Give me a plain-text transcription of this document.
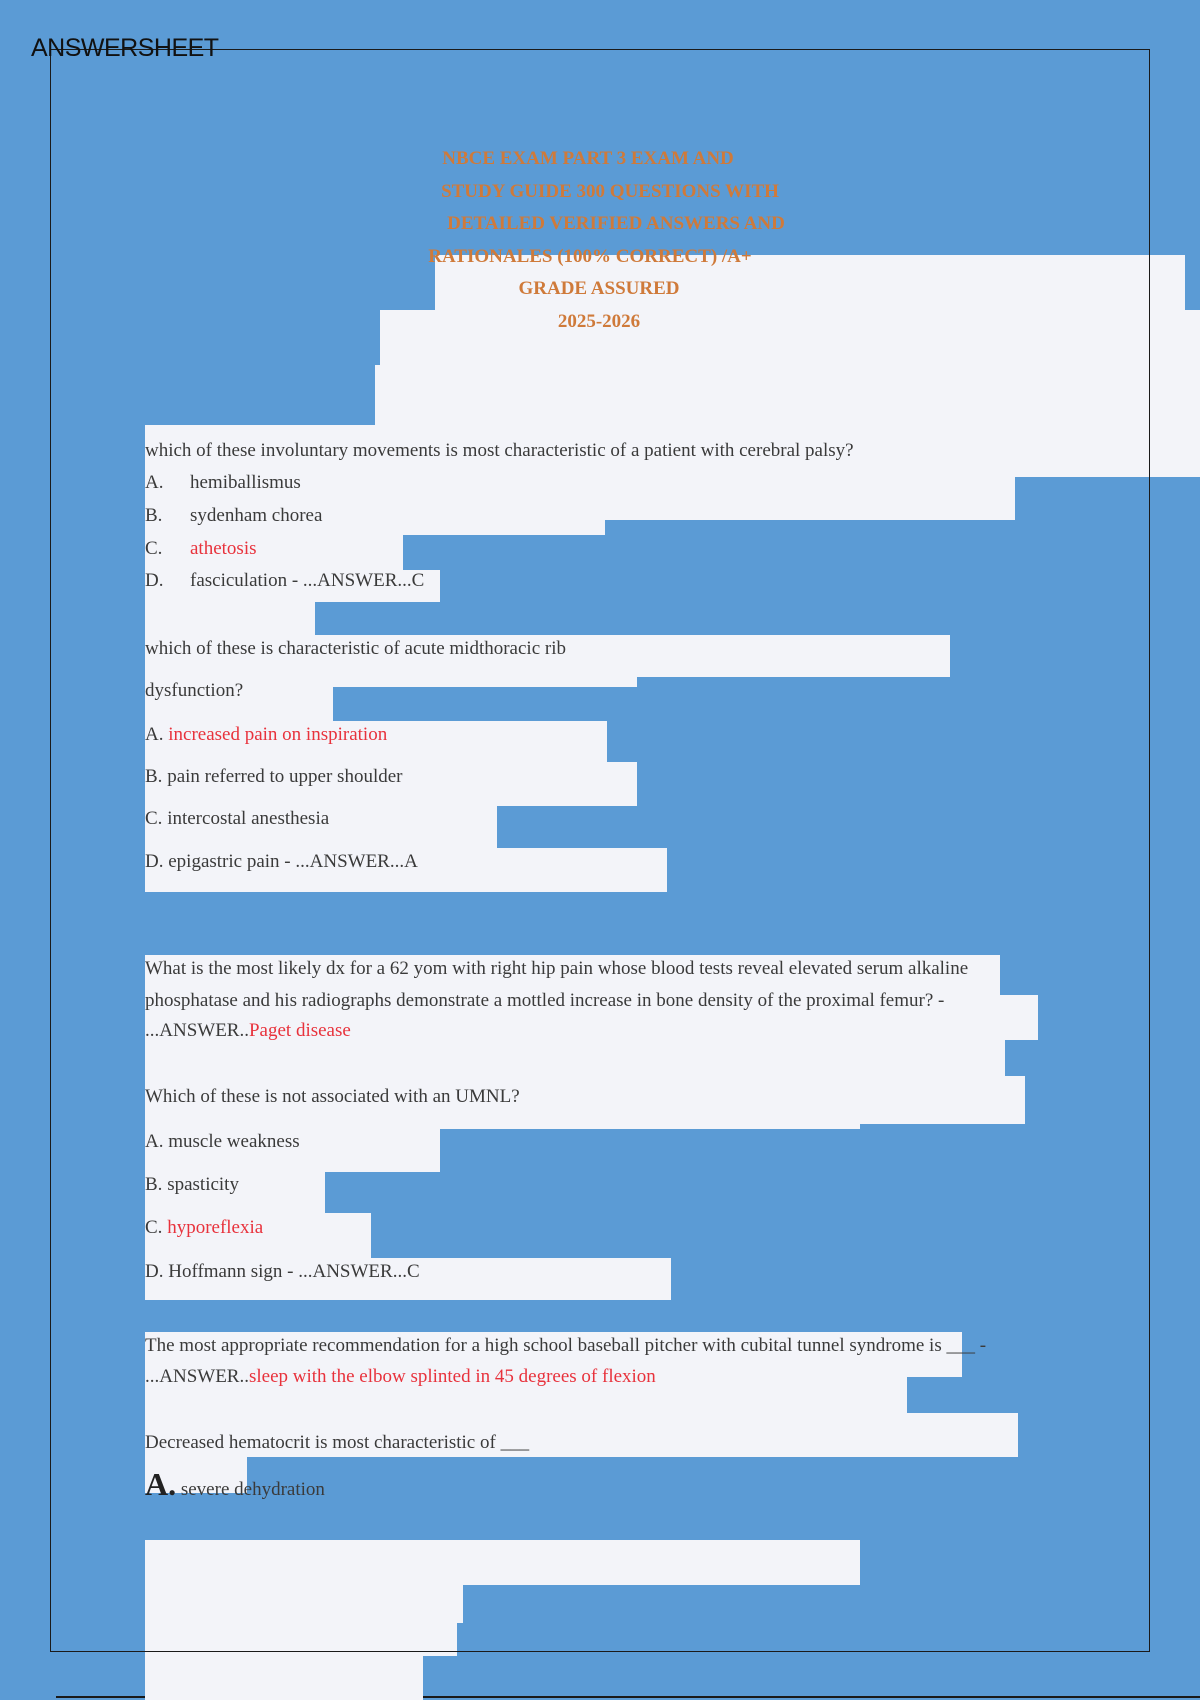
ANSWERSHEET
NBCE EXAM PART 3 EXAM AND
STUDY GUIDE 300 QUESTIONS WITH
DETAILED VERIFIED ANSWERS AND
RATIONALES (100% CORRECT) /A+
GRADE ASSURED
2025-2026
which of these involuntary movements is most characteristic of a patient with cerebral palsy?
A. hemiballismus
B. sydenham chorea
C. athetosis
D. fasciculation - ...ANSWER...C
which of these is characteristic of acute midthoracic rib
dysfunction?
A. increased pain on inspiration
B. pain referred to upper shoulder
C. intercostal anesthesia
D. epigastric pain - ...ANSWER...A
What is the most likely dx for a 62 yom with right hip pain whose blood tests reveal elevated serum alkaline
phosphatase and his radiographs demonstrate a mottled increase in bone density of the proximal femur? -
...ANSWER..Paget disease
Which of these is not associated with an UMNL?
A. muscle weakness
B. spasticity
C. hyporeflexia
D. Hoffmann sign - ...ANSWER...C
The most appropriate recommendation for a high school baseball pitcher with cubital tunnel syndrome is ___ -
...ANSWER..sleep with the elbow splinted in 45 degrees of flexion
Decreased hematocrit is most characteristic of ___
A. severe dehydration
